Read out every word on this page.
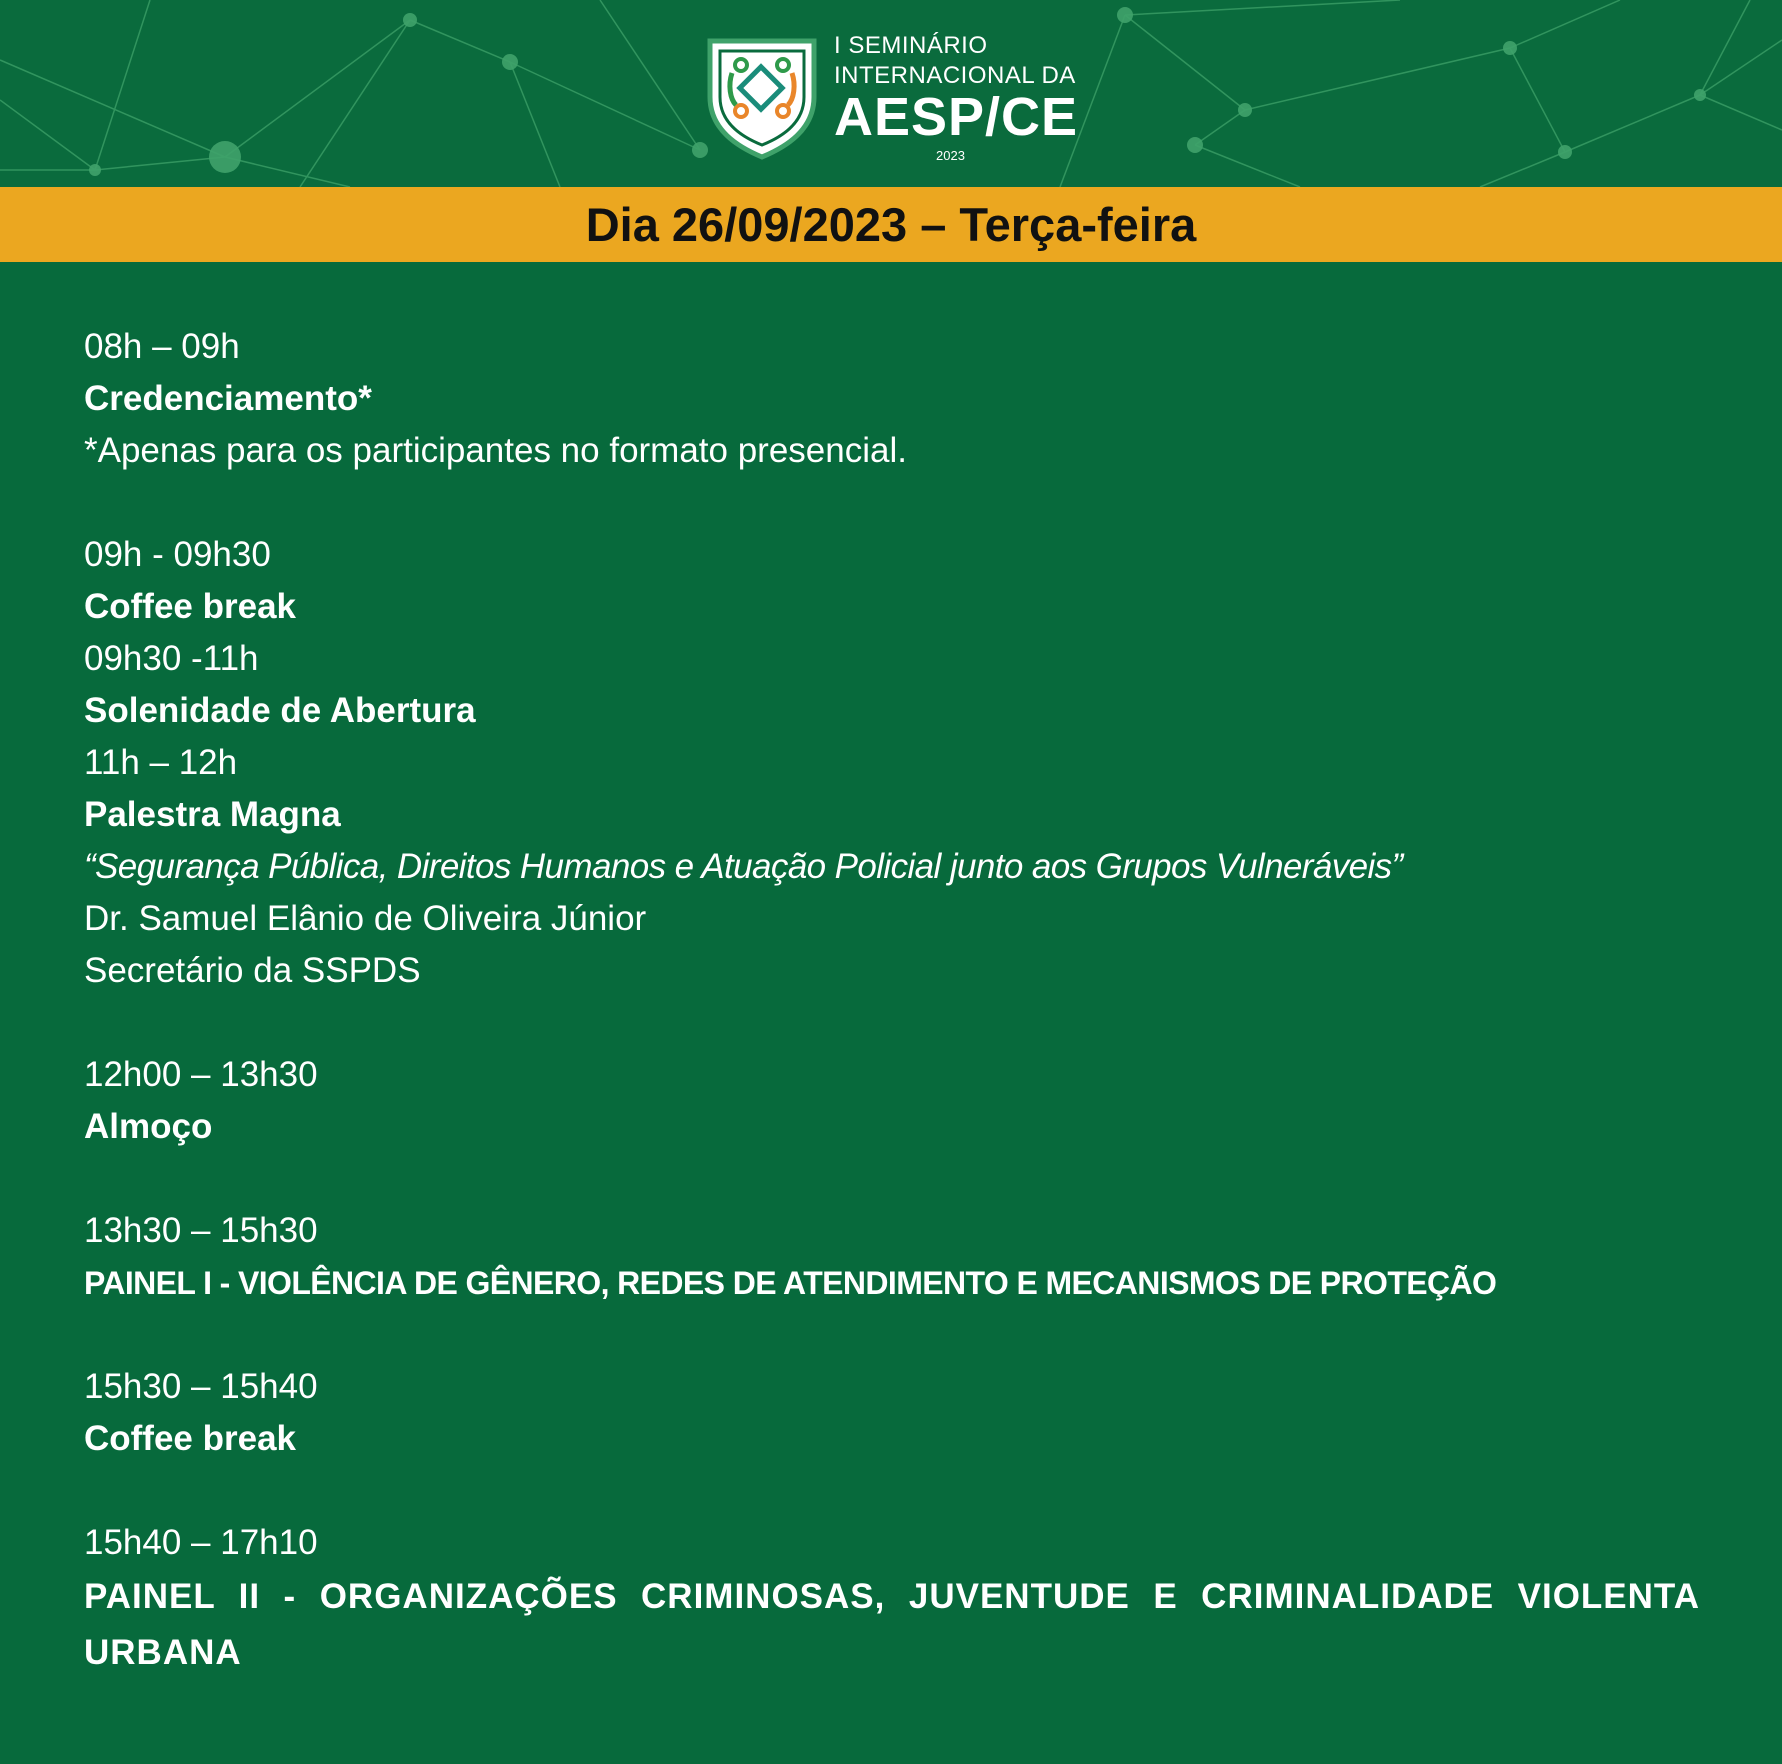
I SEMINÁRIO
INTERNACIONAL DA
AESP/CE
2023
Dia 26/09/2023 – Terça-feira
08h – 09h
Credenciamento*
*Apenas para os participantes no formato presencial.
09h - 09h30
Coffee break
09h30 -11h
Solenidade de Abertura
11h – 12h
Palestra Magna
“Segurança Pública, Direitos Humanos e Atuação Policial junto aos Grupos Vulneráveis”
Dr. Samuel Elânio de Oliveira Júnior
Secretário da SSPDS
12h00 – 13h30
Almoço
13h30 – 15h30
PAINEL I - VIOLÊNCIA DE GÊNERO, REDES DE ATENDIMENTO E MECANISMOS DE PROTEÇÃO
15h30 – 15h40
Coffee break
15h40 – 17h10
PAINEL II - ORGANIZAÇÕES CRIMINOSAS, JUVENTUDE E CRIMINALIDADE VIOLENTA URBANA
